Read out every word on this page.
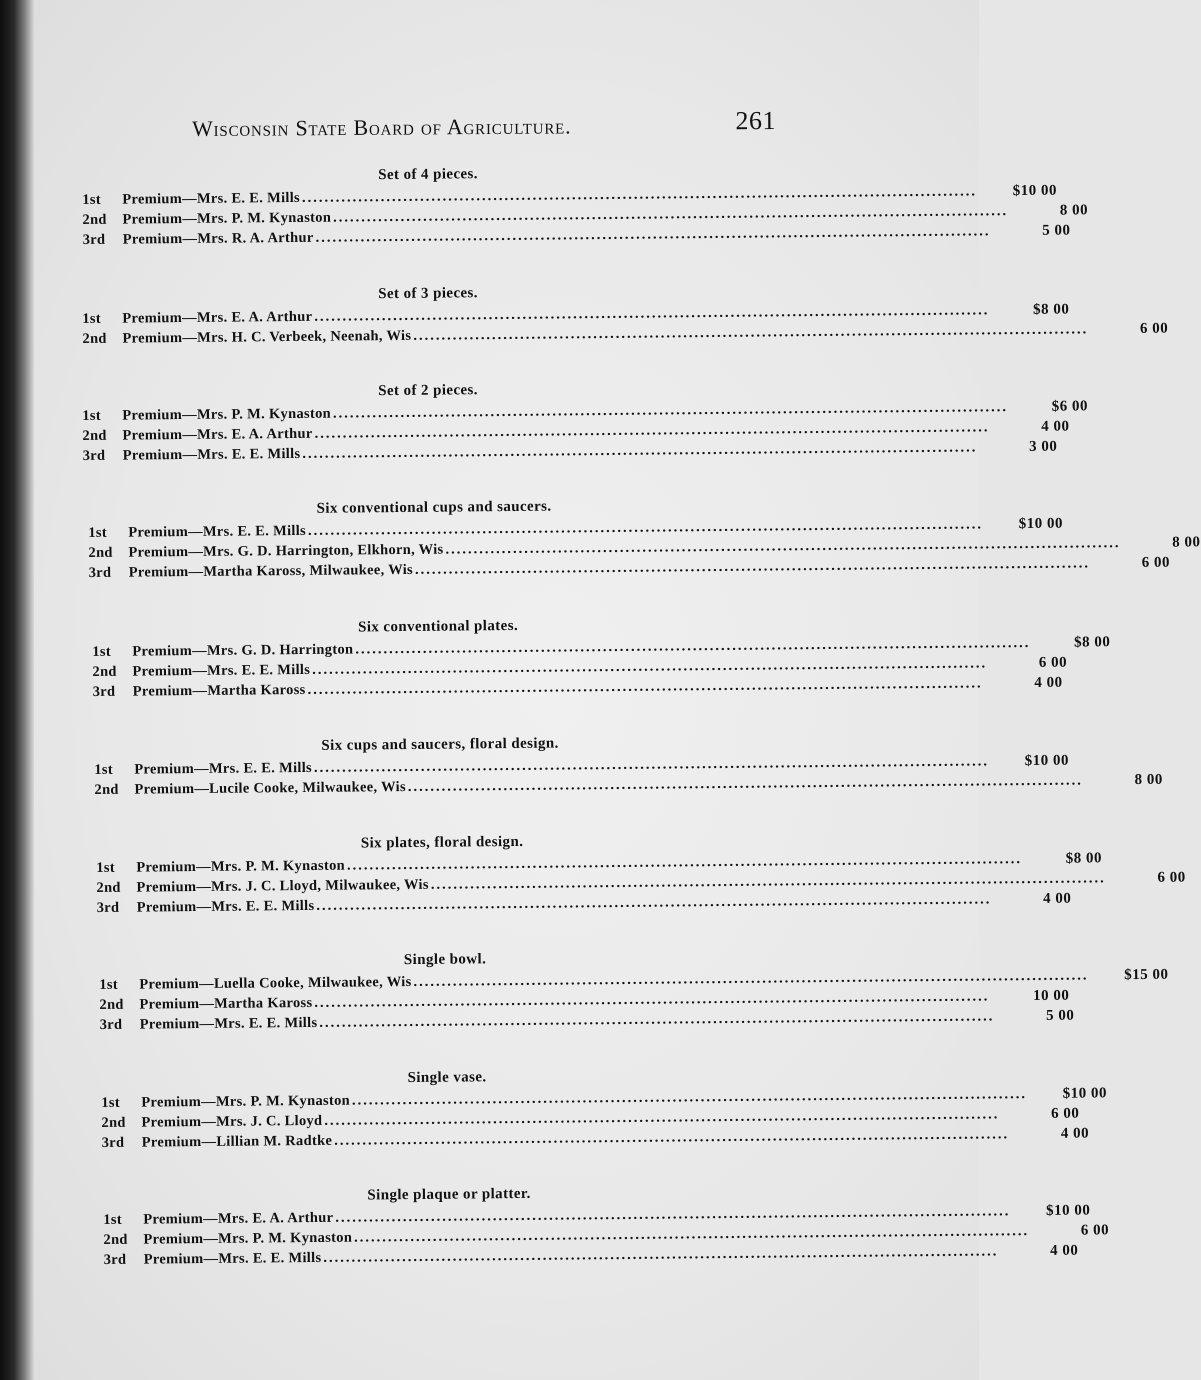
Wisconsin State Board of Agriculture.	261
Set of 4 pieces.
1st	Premium—Mrs. E. E. Mills ........................................................................................................................	$10 00
2nd	Premium—Mrs. P. M. Kynaston ........................................................................................................................	8 00
3rd	Premium—Mrs. R. A. Arthur ........................................................................................................................	5 00
Set of 3 pieces.
1st	Premium—Mrs. E. A. Arthur ........................................................................................................................	$8 00
2nd	Premium—Mrs. H. C. Verbeek, Neenah, Wis ........................................................................................................................	6 00
Set of 2 pieces.
1st	Premium—Mrs. P. M. Kynaston ........................................................................................................................	$6 00
2nd	Premium—Mrs. E. A. Arthur ........................................................................................................................	4 00
3rd	Premium—Mrs. E. E. Mills ........................................................................................................................	3 00
Six conventional cups and saucers.
1st	Premium—Mrs. E. E. Mills ........................................................................................................................	$10 00
2nd	Premium—Mrs. G. D. Harrington, Elkhorn, Wis ........................................................................................................................	8 00
3rd	Premium—Martha Kaross, Milwaukee, Wis ........................................................................................................................	6 00
Six conventional plates.
1st	Premium—Mrs. G. D. Harrington ........................................................................................................................	$8 00
2nd	Premium—Mrs. E. E. Mills ........................................................................................................................	6 00
3rd	Premium—Martha Kaross ........................................................................................................................	4 00
Six cups and saucers, floral design.
1st	Premium—Mrs. E. E. Mills ........................................................................................................................	$10 00
2nd	Premium—Lucile Cooke, Milwaukee, Wis ........................................................................................................................	8 00
Six plates, floral design.
1st	Premium—Mrs. P. M. Kynaston ........................................................................................................................	$8 00
2nd	Premium—Mrs. J. C. Lloyd, Milwaukee, Wis ........................................................................................................................	6 00
3rd	Premium—Mrs. E. E. Mills ........................................................................................................................	4 00
Single bowl.
1st	Premium—Luella Cooke, Milwaukee, Wis ........................................................................................................................	$15 00
2nd	Premium—Martha Kaross ........................................................................................................................	10 00
3rd	Premium—Mrs. E. E. Mills ........................................................................................................................	5 00
Single vase.
1st	Premium—Mrs. P. M. Kynaston ........................................................................................................................	$10 00
2nd	Premium—Mrs. J. C. Lloyd ........................................................................................................................	6 00
3rd	Premium—Lillian M. Radtke ........................................................................................................................	4 00
Single plaque or platter.
1st	Premium—Mrs. E. A. Arthur ........................................................................................................................	$10 00
2nd	Premium—Mrs. P. M. Kynaston ........................................................................................................................	6 00
3rd	Premium—Mrs. E. E. Mills ........................................................................................................................	4 00
